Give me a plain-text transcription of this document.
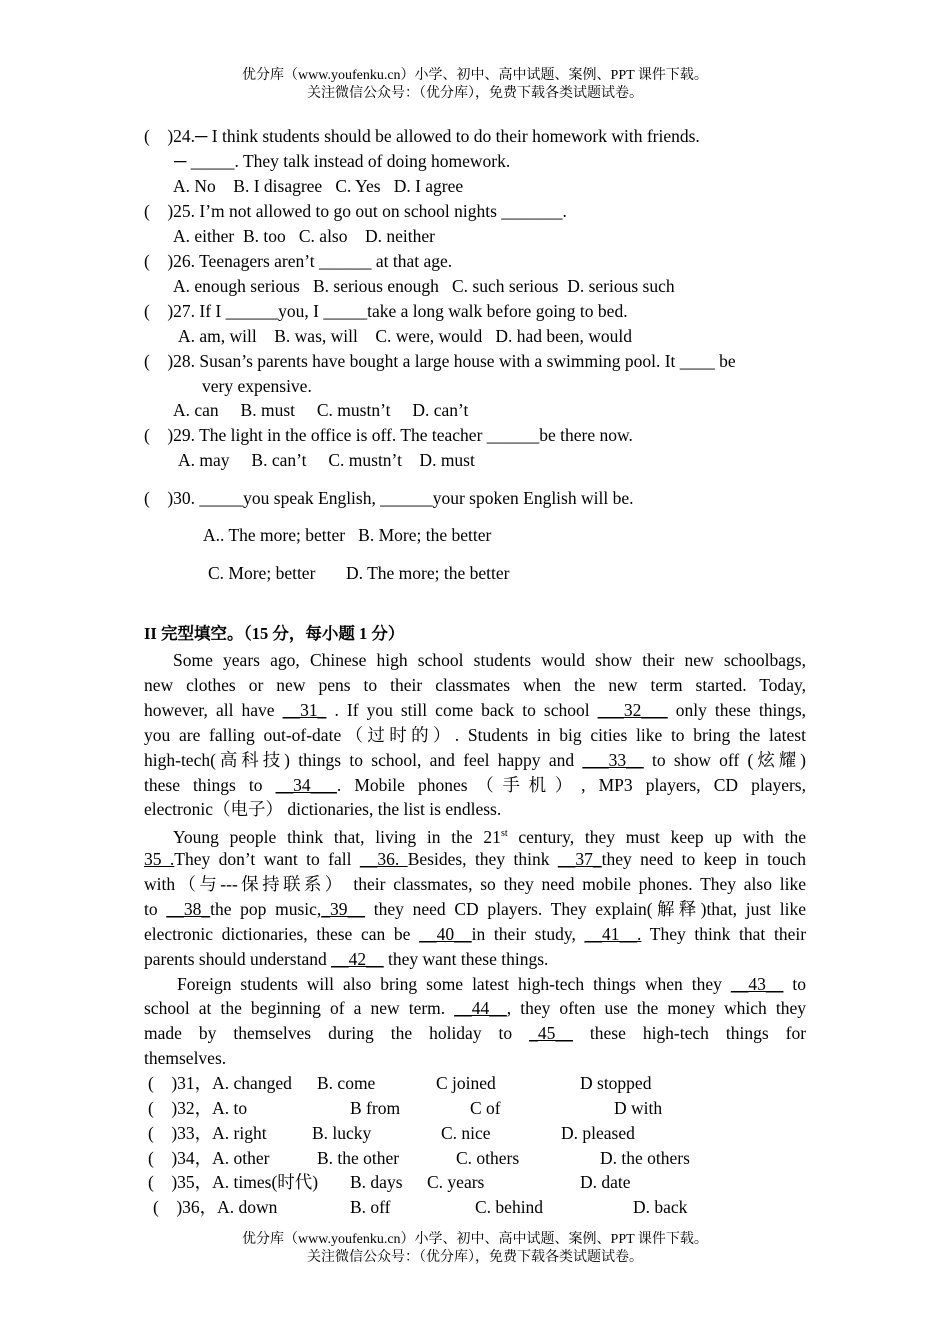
优分库（www.youfenku.cn）小学、初中、高中试题、案例、PPT 课件下载。
关注微信公众号：（优分库），免费下载各类试题试卷。
(    )24.─ I think students should be allowed to do their homework with friends.
─ _____. They talk instead of doing homework.
A. No    B. I disagree   C. Yes   D. I agree
(    )25. I’m not allowed to go out on school nights _______.
A. either  B. too   C. also    D. neither
(    )26. Teenagers aren’t ______ at that age.
A. enough serious   B. serious enough   C. such serious  D. serious such
(    )27. If I ______you, I _____take a long walk before going to bed.
A. am, will    B. was, will    C. were, would   D. had been, would
(    )28. Susan’s parents have bought a large house with a swimming pool. It ____ be
very expensive.
A. can     B. must     C. mustn’t     D. can’t
(    )29. The light in the office is off. The teacher ______be there now.
A. may     B. can’t     C. mustn’t    D. must
(    )30. _____you speak English, ______your spoken English will be.
A.. The more; better   B. More; the better
C. More; better       D. The more; the better
II 完型填空。（15 分，每小题 1 分）
Some years ago, Chinese high school students would show their new schoolbags,
new clothes or new pens to their classmates when the new term started. Today,
however, all have __31_ . If you still come back to school ___32___ only these things,
you are falling out-of-date（过时的）. Students in big cities like to bring the latest
high-tech(高科技) things to school, and feel happy and ___33__ to show off (炫耀)
these things to __34___. Mobile phones（手机）, MP3 players, CD players,
electronic（电子） dictionaries, the list is endless.
Young people think that, living in the 21st century, they must keep up with the
35 .They don’t want to fall __36. Besides, they think __37_they need to keep in touch
with（与---保持联系） their classmates, so they need mobile phones. They also like
to __38_the pop music,_39__ they need CD players. They explain(解释)that, just like
electronic dictionaries, these can be __40__in their study, __41__. They think that their
parents should understand __42__ they want these things.
Foreign students will also bring some latest high-tech things when they __43__ to
school at the beginning of a new term. __44__, they often use the money which they
made by themselves during the holiday to _45__ these high-tech things for
themselves.
(    )31，A. changed B. come	C joined	D stopped
(    )32，A. to	B from	C of	D with
(    )33，A. right	B. lucky	C. nice	D. pleased
(    )34，A. other	B. the other	C. others	D. the others
(    )35，A. times(时代) B. days C. years	D. date
(    )36，A. down	B. off	C. behind	D. back
优分库（www.youfenku.cn）小学、初中、高中试题、案例、PPT 课件下载。
关注微信公众号：（优分库），免费下载各类试题试卷。
